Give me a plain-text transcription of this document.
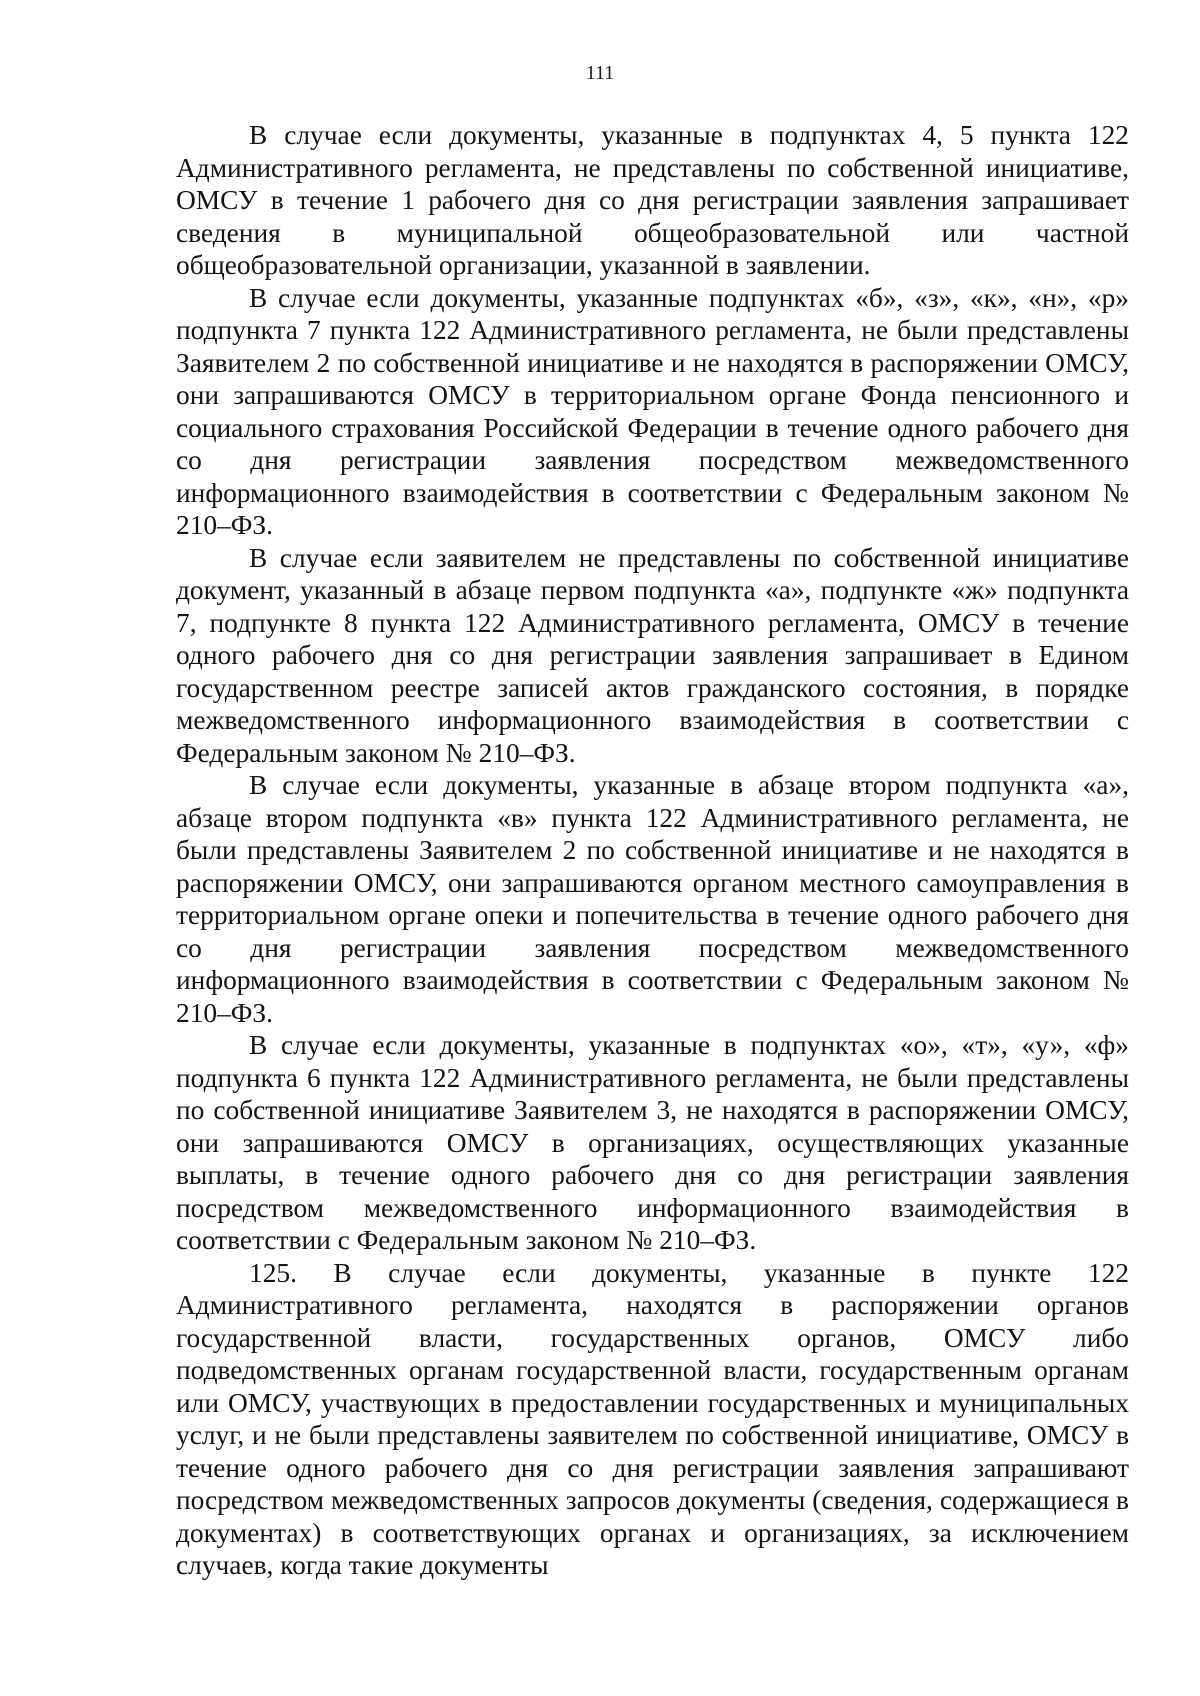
111

В случае если документы, указанные в подпунктах 4, 5 пункта 122 Административного регламента, не представлены по собственной инициативе, ОМСУ в течение 1 рабочего дня со дня регистрации заявления запрашивает сведения в муниципальной общеобразовательной или частной общеобразовательной организации, указанной в заявлении.

В случае если документы, указанные подпунктах «б», «з», «к», «н», «р» подпункта 7 пункта 122 Административного регламента, не были представлены Заявителем 2 по собственной инициативе и не находятся в распоряжении ОМСУ, они запрашиваются ОМСУ в территориальном органе Фонда пенсионного и социального страхования Российской Федерации в течение одного рабочего дня со дня регистрации заявления посредством межведомственного информационного взаимодействия в соответствии с Федеральным законом № 210–ФЗ.

В случае если заявителем не представлены по собственной инициативе документ, указанный в абзаце первом подпункта «а», подпункте «ж» подпункта 7, подпункте 8 пункта 122 Административного регламента, ОМСУ в течение одного рабочего дня со дня регистрации заявления запрашивает в Едином государственном реестре записей актов гражданского состояния, в порядке межведомственного информационного взаимодействия в соответствии с Федеральным законом № 210–ФЗ.

В случае если документы, указанные в абзаце втором подпункта «а», абзаце втором подпункта «в» пункта 122 Административного регламента, не были представлены Заявителем 2 по собственной инициативе и не находятся в распоряжении ОМСУ, они запрашиваются органом местного самоуправления в территориальном органе опеки и попечительства в течение одного рабочего дня со дня регистрации заявления посредством межведомственного информационного взаимодействия в соответствии с Федеральным законом № 210–ФЗ.

В случае если документы, указанные в подпунктах «о», «т», «у», «ф» подпункта 6 пункта 122 Административного регламента, не были представлены по собственной инициативе Заявителем 3, не находятся в распоряжении ОМСУ, они запрашиваются ОМСУ в организациях, осуществляющих указанные выплаты, в течение одного рабочего дня со дня регистрации заявления посредством межведомственного информационного взаимодействия в соответствии с Федеральным законом № 210–ФЗ.

125. В случае если документы, указанные в пункте 122 Административного регламента, находятся в распоряжении органов государственной власти, государственных органов, ОМСУ либо подведомственных органам государственной власти, государственным органам или ОМСУ, участвующих в предоставлении государственных и муниципальных услуг, и не были представлены заявителем по собственной инициативе, ОМСУ в течение одного рабочего дня со дня регистрации заявления запрашивают посредством межведомственных запросов документы (сведения, содержащиеся в документах) в соответствующих органах и организациях, за исключением случаев, когда такие документы
